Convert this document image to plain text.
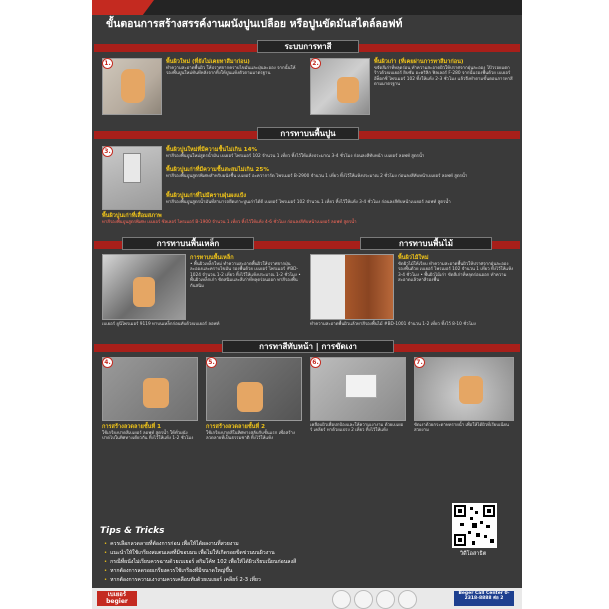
ขั้นตอนการสร้างสรรค์งานผนังปูนเปลือย หรือปูนขัดมันสไตล์ลอฟท์
ระบบการทาสี
1.	พื้นผิวใหม่ (ที่ยังไม่เคยทาสีมาก่อน)
ทำความสะอาดพื้นผิว ให้ปราศจากคราบไขมันและฝุ่นละออง จากนั้นให้รองพื้นปูนใหม่ทันทีหลังจากทิ้งให้ปูนแห้งตัวตามมาตรฐาน
2.	พื้นผิวเก่า (ที่เคยผ่านการทาสีมาก่อน)
ขจัดสีเก่าที่หลุดร่อน ทำความสะอาดผิวให้ปราศจากฝุ่นละออง โป๊วรอยแตกร้าวด้วยเบเยอร์ ยิบซั่ม อะคริลิก ฟิลเลอร์ F-280 จากนั้นรองพื้นด้วย เบเยอร์ อีพ็อกซี่ ไพรเมอร์ 102 ทิ้งให้แห้ง 2-3 ชั่วโมง แล้วจึงทำตามขั้นตอนการทาสีตามมาตรฐาน
การทาบนพื้นปูน
3.	พื้นผิวปูนใหม่ที่มีความชื้นไม่เกิน 14%
ทาสีรองพื้นปูนใหม่สูตรน้ำมัน เบเยอร์ ไพรเมอร์ 102 จำนวน 1 เที่ยว ทิ้งไว้ให้แห้งประมาณ 3-4 ชั่วโมง ก่อนลงสีทับหน้า เบเยอร์ ลอฟท์ สูตรน้ำ
พื้นผิวปูนเก่าที่มีความชื้นสะสมไม่เกิน 25%
ทาสีรองพื้นปูนสูตรพิเศษสำหรับผนังชื้น เบเยอร์ อะควาการ์ด ไพรเมอร์ B-2900 จำนวน 1 เที่ยว ทิ้งไว้ให้แห้งประมาณ 2 ชั่วโมง ก่อนลงสีทับหน้าเบเยอร์ ลอฟท์ สูตรน้ำ
พื้นผิวปูนเก่าที่ไม่มีคราบฝุ่นผงแป้ง
ทาสีรองพื้นปูนสูตรน้ำมันที่สามารถยึดเกาะปูนเก่าได้ดี เบเยอร์ ไพรเมอร์ 102 จำนวน 1 เที่ยว ทิ้งไว้ให้แห้ง 3-4 ชั่วโมง ก่อนลงสีทับหน้าเบเยอร์ ลอฟท์ สูตรน้ำ
พื้นผิวปูนเก่าที่เสื่อมสภาพ
ทาสีรองพื้นปูนสูตรพิเศษ เบเยอร์ ซีลเลอร์ ไพรเมอร์ B-1900 จำนวน 1 เที่ยว ทิ้งไว้ให้แห้ง 4-6 ชั่วโมง ก่อนลงสีทับหน้าเบเยอร์ ลอฟท์ สูตรน้ำ
การทาบนพื้นเหล็ก	การทาบนพื้นไม้
การทาบนพื้นเหล็ก
• พื้นผิวเหล็กใหม่ ทำความสะอาดพื้นผิวให้ปราศจากฝุ่นละอองและคราบไขมัน รองพื้นด้วย เบเยอร์ ไพรเมอร์ #BD-1024 จำนวน 1-2 เที่ยว ทิ้งไว้ให้แห้งประมาณ 1-2 ชั่วโมง • พื้นผิวเหล็กเก่า ขัดสนิมและสีเก่าที่หลุดร่อนออก ทาสีรองพื้นกันสนิม
เบเยอร์ ยูนิไพรเมอร์ 9119 ทาบนเหล็กก่อนทับด้วยเบเยอร์ ลอฟท์
พื้นผิวไม้ใหม่
ขัดผิวไม้ให้เรียบ ทำความสะอาดพื้นผิวให้ปราศจากฝุ่นละออง รองพื้นด้วย เบเยอร์ ไพรเมอร์ 102 จำนวน 1 เที่ยว ทิ้งไว้ให้แห้ง 3-4 ชั่วโมง • พื้นผิวไม้เก่า ขัดสีเก่าที่หลุดร่อนออก ทำความสะอาดแล้วทาสีรองพื้น
ทำความสะอาดพื้นผิวแล้วทาสีรองพื้นไม้ #BD-1001 จำนวน 1-2 เที่ยว ทิ้งไว้ 8-10 ชั่วโมง
การทาสีทับหน้า | การขัดเงา
4.
การสร้างลวดลายชั้นที่ 1
ใช้เกรียงปาดสีเบเยอร์ ลอฟท์ สูตรน้ำ ให้ทั่วผนัง ปาดไปในทิศทางเดียวกัน ทิ้งไว้ให้แห้ง 1-2 ชั่วโมง
5.
การสร้างลวดลายชั้นที่ 2
ใช้เกรียงปาดสีในทิศทางสลับกับชั้นแรก เพื่อสร้างลวดลายที่เป็นธรรมชาติ ทิ้งไว้ให้แห้ง
6.
เคลือบผิวเพื่อปกป้องและให้ความเงางาม ด้วยเบเยอร์ เคลียร์ ทาด้วยแปรง 2 เที่ยว ทิ้งไว้ให้แห้ง
7.
ขัดเงาด้วยกระดาษทรายน้ำ เพื่อให้ได้ผิวที่เรียบเนียนสวยงาม
Tips & Tricks
• ควรเลือกลวดลายที่ต้องการก่อน เพื่อให้ได้ผลงานที่สวยงาม
• แนะนำให้ใช้เกรียงสแตนเลสที่มีขอบมน เพื่อไม่ให้เกิดรอยขีดข่วนบนผิวงาน
• กรณีที่ผนังไม่เรียบควรฉาบด้วยเบเยอร์ สกิมโค้ท 102 เพื่อให้ได้ผิวเรียบเนียนก่อนลงสี
• หากต้องการลดรอยเกรียงควรใช้เกรียงที่มีขนาดใหญ่ขึ้น
• หากต้องการความเงางามควรเคลือบทับด้วยเบเยอร์ เคลียร์ 2-3 เที่ยว
วิดีโอสาธิต
เบเยอร์ begier
Beger Call Center 0-2318-8888 ต่อ 2
